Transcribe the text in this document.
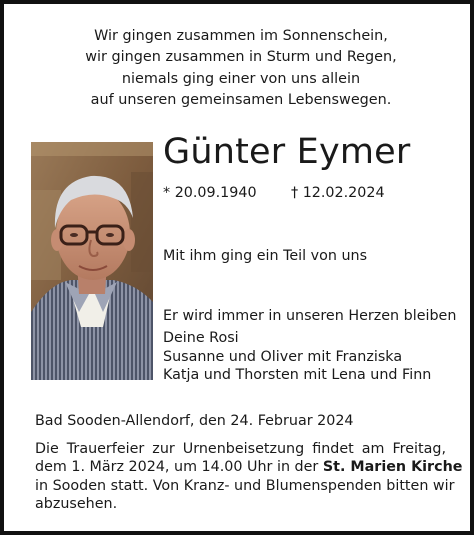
Wir gingen zusammen im Sonnenschein,
wir gingen zusammen in Sturm und Regen,
niemals ging einer von uns allein
auf unseren gemeinsamen Lebenswegen.
Günter Eymer
* 20.09.1940 † 12.02.2024
Mit ihm ging ein Teil von uns
Er wird immer in unseren Herzen bleiben
Deine Rosi
Susanne und Oliver mit Franziska
Katja und Thorsten mit Lena und Finn
Bad Sooden-Allendorf, den 24. Februar 2024
Die Trauerfeier zur Urnenbeisetzung findet am Freitag,
dem 1. März 2024, um 14.00 Uhr in der St. Marien Kirche
in Sooden statt. Von Kranz- und Blumenspenden bitten wir
abzusehen.
